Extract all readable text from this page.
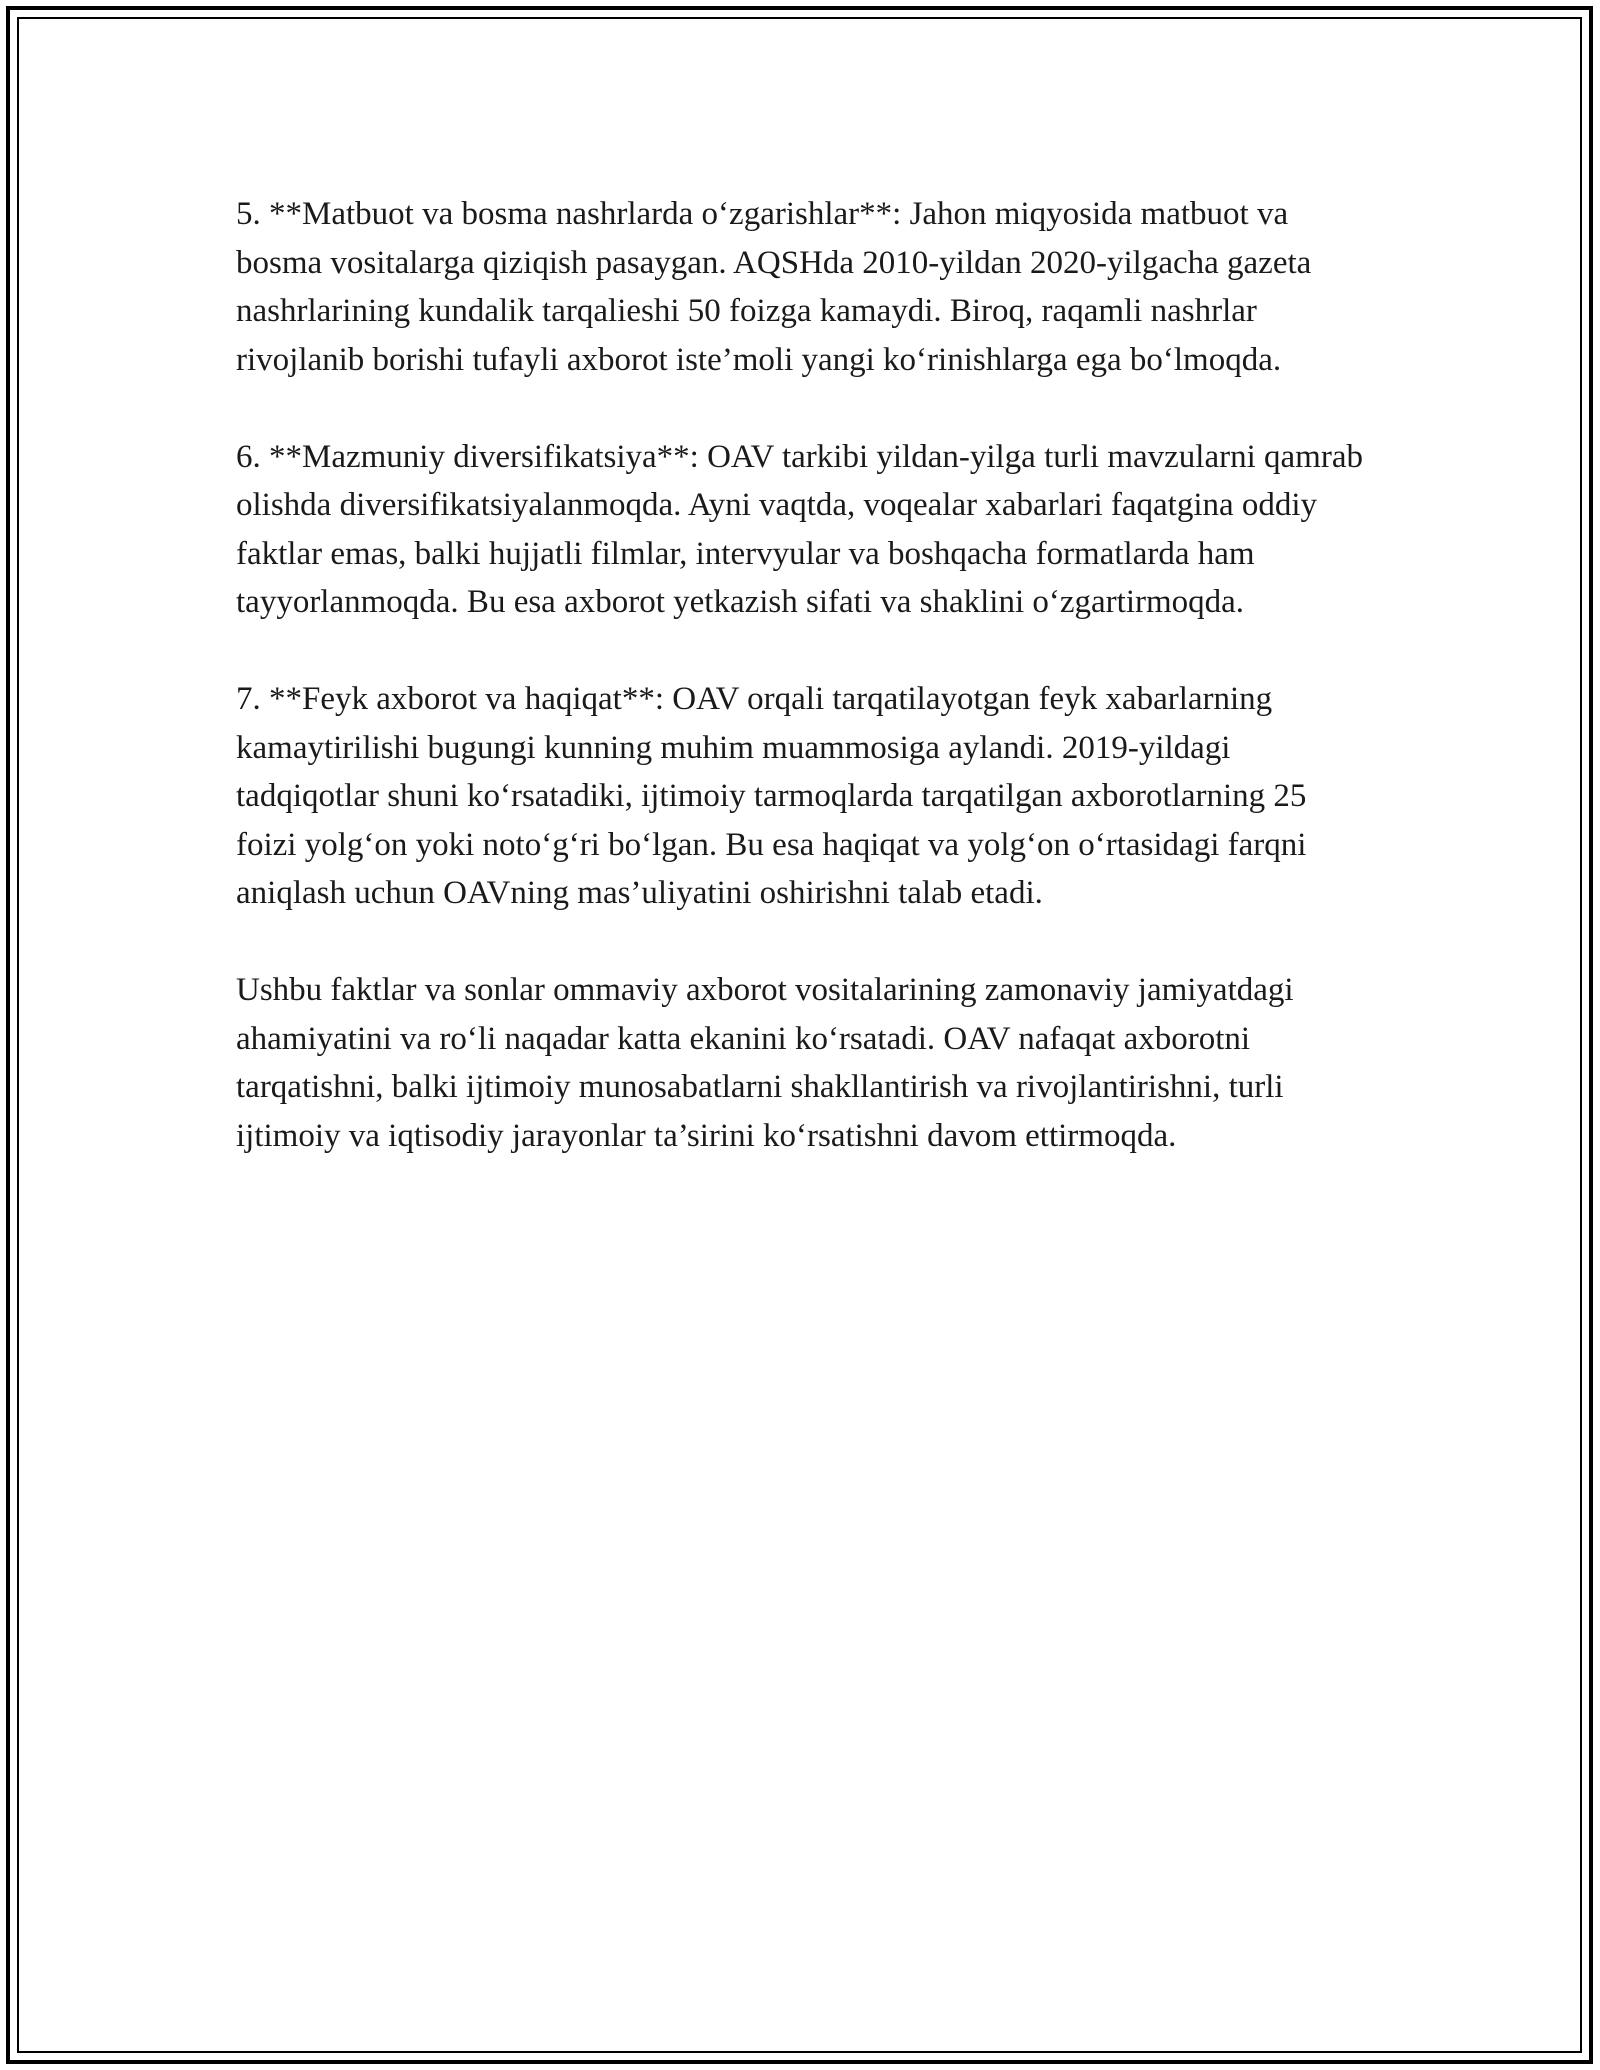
5. **Matbuot va bosma nashrlarda o‘zgarishlar**: Jahon miqyosida matbuot va bosma vositalarga qiziqish pasaygan. AQSHda 2010-yildan 2020-yilgacha gazeta nashrlarining kundalik tarqalieshi 50 foizga kamaydi. Biroq, raqamli nashrlar rivojlanib borishi tufayli axborot iste’moli yangi ko‘rinishlarga ega bo‘lmoqda.

6. **Mazmuniy diversifikatsiya**: OAV tarkibi yildan-yilga turli mavzularni qamrab olishda diversifikatsiyalanmoqda. Ayni vaqtda, voqealar xabarlari faqatgina oddiy faktlar emas, balki hujjatli filmlar, intervyular va boshqacha formatlarda ham tayyorlanmoqda. Bu esa axborot yetkazish sifati va shaklini o‘zgartirmoqda.

7. **Feyk axborot va haqiqat**: OAV orqali tarqatilayotgan feyk xabarlarning kamaytirilishi bugungi kunning muhim muammosiga aylandi. 2019-yildagi tadqiqotlar shuni ko‘rsatadiki, ijtimoiy tarmoqlarda tarqatilgan axborotlarning 25 foizi yolg‘on yoki noto‘g‘ri bo‘lgan. Bu esa haqiqat va yolg‘on o‘rtasidagi farqni aniqlash uchun OAVning mas’uliyatini oshirishni talab etadi.

Ushbu faktlar va sonlar ommaviy axborot vositalarining zamonaviy jamiyatdagi ahamiyatini va ro‘li naqadar katta ekanini ko‘rsatadi. OAV nafaqat axborotni tarqatishni, balki ijtimoiy munosabatlarni shakllantirish va rivojlantirishni, turli ijtimoiy va iqtisodiy jarayonlar ta’sirini ko‘rsatishni davom ettirmoqda.
